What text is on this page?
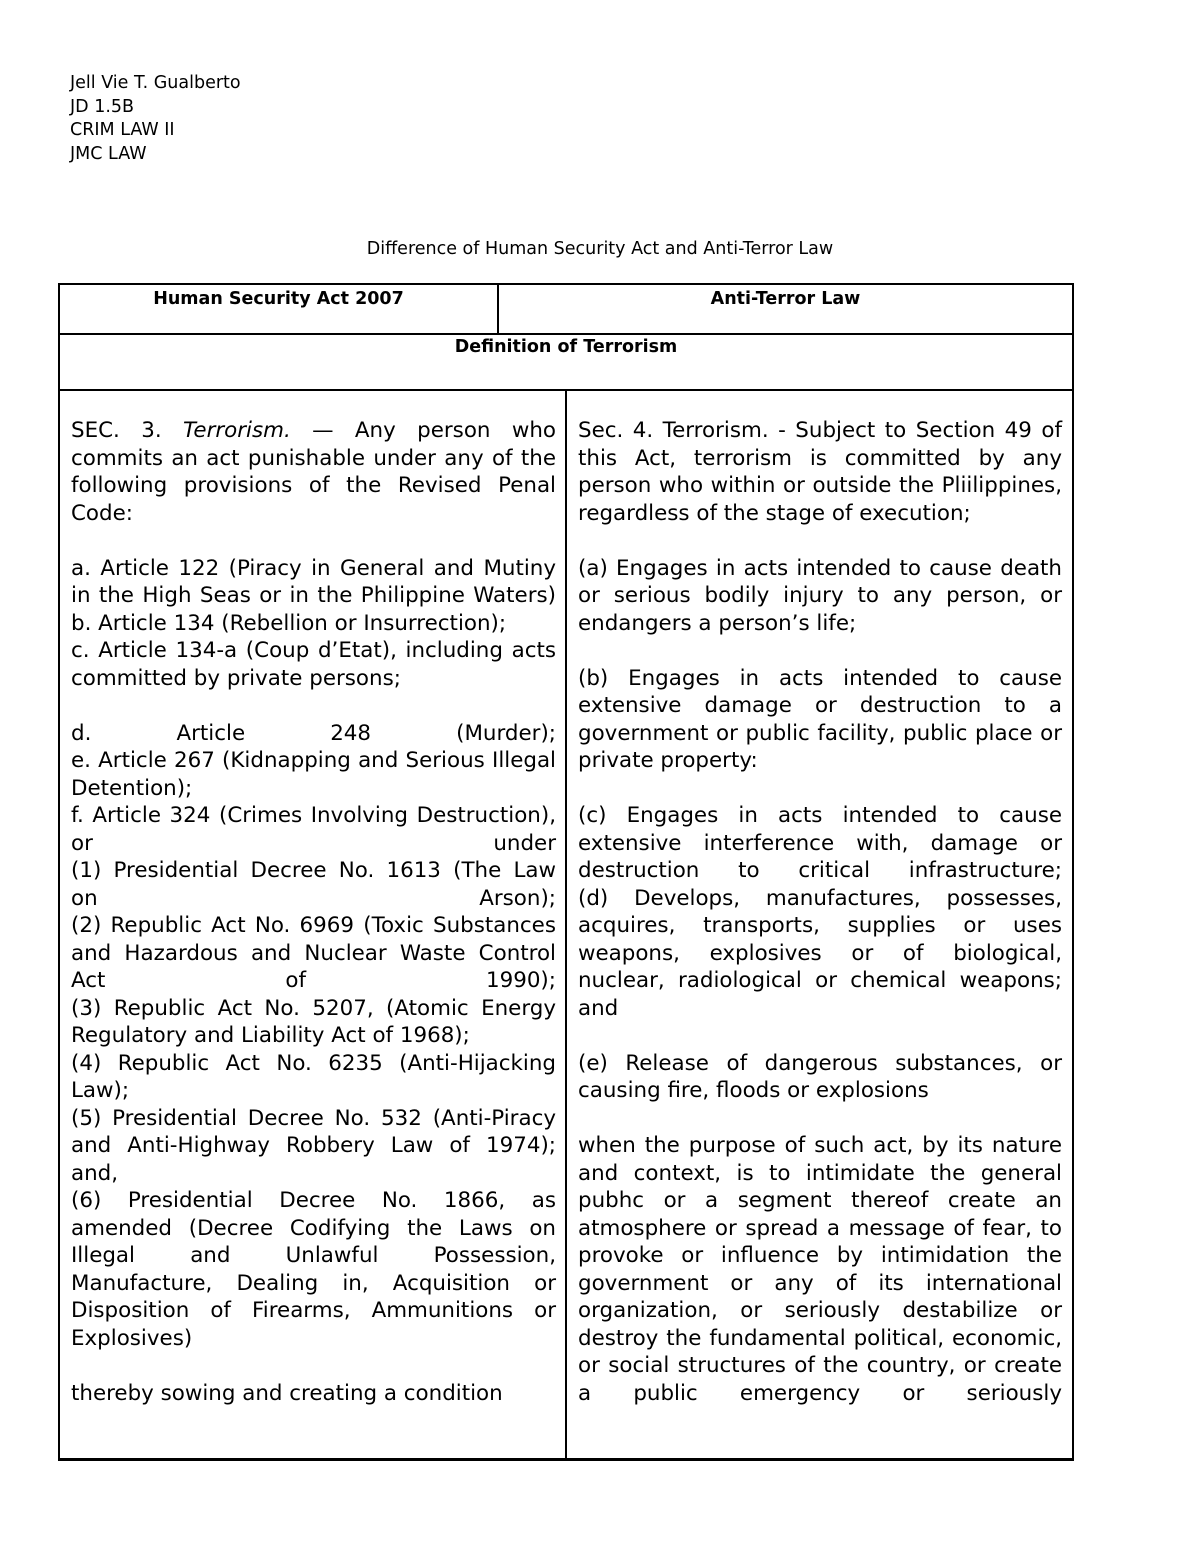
Jell Vie T. Gualberto
JD 1.5B
CRIM LAW II
JMC LAW
Difference of Human Security Act and Anti-Terror Law
Human Security Act 2007	Anti-Terror Law
Definition of Terrorism

SEC. 3. Terrorism. — Any person who commits an act punishable under any of the following provisions of the Revised Penal Code:

a. Article 122 (Piracy in General and Mutiny in the High Seas or in the Philippine Waters)

b. Article 134 (Rebellion or Insurrection);

c. Article 134-a (Coup d’Etat), including acts committed by private persons;

d. Article 248 (Murder);

e. Article 267 (Kidnapping and Serious Illegal Detention);

f. Article 324 (Crimes Involving Destruction), or under

(1) Presidential Decree No. 1613 (The Law on Arson);

(2) Republic Act No. 6969 (Toxic Substances and Hazardous and Nuclear Waste Control Act of 1990);

(3) Republic Act No. 5207, (Atomic Energy Regulatory and Liability Act of 1968);

(4) Republic Act No. 6235 (Anti-Hijacking Law);

(5) Presidential Decree No. 532 (Anti-Piracy and Anti-Highway Robbery Law of 1974); and,

(6) Presidential Decree No. 1866, as amended (Decree Codifying the Laws on Illegal and Unlawful Possession, Manufacture, Dealing in, Acquisition or Disposition of Firearms, Ammunitions or Explosives)

thereby sowing and creating a condition

Sec. 4. Terrorism. - Subject to Section 49 of this Act, terrorism is committed by any person who within or outside the Pliilippines, regardless of the stage of execution;

(a) Engages in acts intended to cause death or serious bodily injury to any person, or endangers a person’s life;

(b) Engages in acts intended to cause extensive damage or destruction to a government or public facility, public place or private property:

(c) Engages in acts intended to cause extensive interference with, damage or destruction to critical infrastructure;

(d) Develops, manufactures, possesses, acquires, transports, supplies or uses weapons, explosives or of biological, nuclear, radiological or chemical weapons; and

(e) Release of dangerous substances, or causing fire, floods or explosions

when the purpose of such act, by its nature and context, is to intimidate the general pubhc or a segment thereof create an atmosphere or spread a message of fear, to provoke or influence by intimidation the government or any of its international organization, or seriously destabilize or destroy the fundamental political, economic, or social structures of the country, or create a public emergency or seriously
